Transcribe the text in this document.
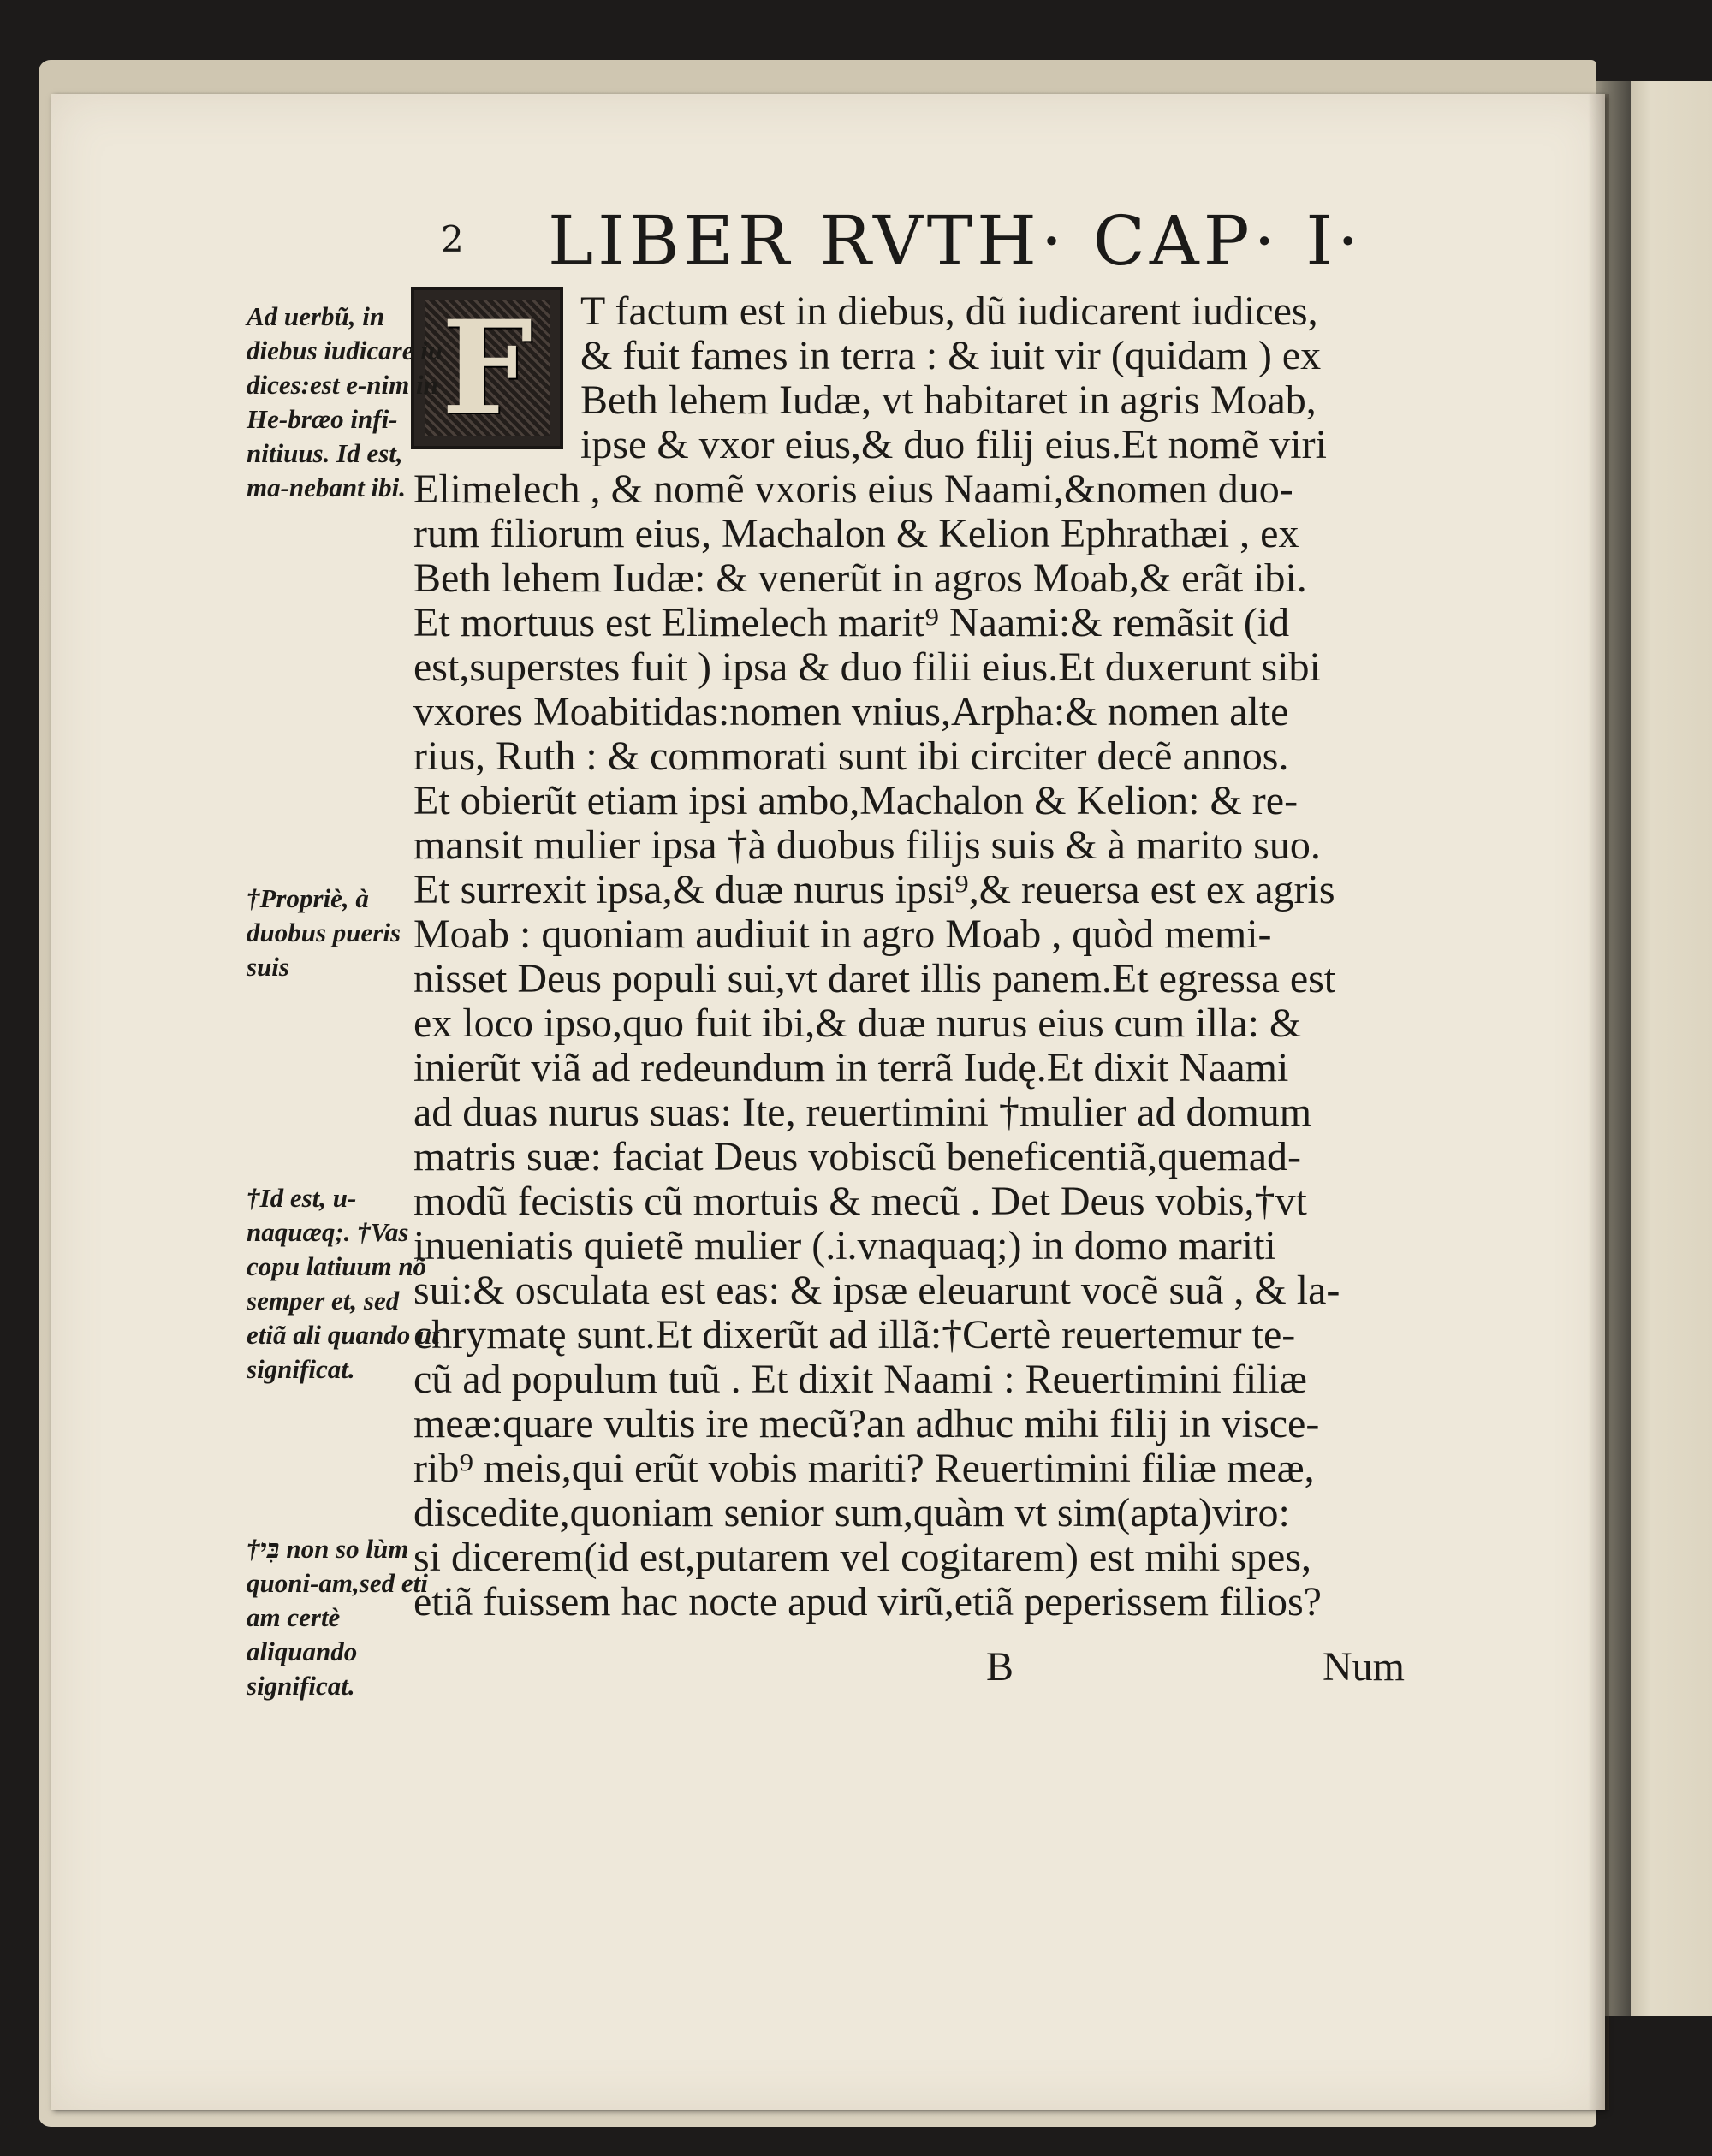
2 LIBER RVTH· CAP· I·
F T factum est in diebus, dũ iudicarent iudices,
& fuit fames in terra : & iuit vir (quidam ) ex
Beth lehem Iudæ, vt habitaret in agris Moab,
ipse & vxor eius,& duo filij eius.Et nomẽ viri
Elimelech , & nomẽ vxoris eius Naami,&nomen duo-
rum filiorum eius, Machalon & Kelion Ephrathæi , ex
Beth lehem Iudæ: & venerũt in agros Moab,& erãt ibi.
Et mortuus est Elimelech marit⁹ Naami:& remãsit (id
est,superstes fuit ) ipsa & duo filii eius.Et duxerunt sibi
vxores Moabitidas:nomen vnius,Arpha:& nomen alte
rius, Ruth : & commorati sunt ibi circiter decẽ annos.
Et obierũt etiam ipsi ambo,Machalon & Kelion: & re-
mansit mulier ipsa †à duobus filijs suis & à marito suo.
Et surrexit ipsa,& duæ nurus ipsi⁹,& reuersa est ex agris
Moab : quoniam audiuit in agro Moab , quòd memi-
nisset Deus populi sui,vt daret illis panem.Et egressa est
ex loco ipso,quo fuit ibi,& duæ nurus eius cum illa: &
inierũt viã ad redeundum in terrã Iudę.Et dixit Naami
ad duas nurus suas: Ite, reuertimini †mulier ad domum
matris suæ: faciat Deus vobiscũ beneficentiã,quemad-
modũ fecistis cũ mortuis & mecũ . Det Deus vobis,†vt
inueniatis quietẽ mulier (.i.vnaquaq;) in domo mariti
sui:& osculata est eas: & ipsæ eleuarunt vocẽ suã , & la-
chrymatę sunt.Et dixerũt ad illã:†Certè reuertemur te-
cũ ad populum tuũ . Et dixit Naami : Reuertimini filiæ
meæ:quare vultis ire mecũ?an adhuc mihi filij in visce-
rib⁹ meis,qui erũt vobis mariti? Reuertimini filiæ meæ,
discedite,quoniam senior sum,quàm vt sim(apta)viro:
si dicerem(id est,putarem vel cogitarem) est mihi spes,
etiã fuissem hac nocte apud virũ,etiã peperissem filios?
Ad uerbũ, in diebus iudicare iu dices:est e-nim in He-bræo infi-nitiuus. Id est, ma-nebant ibi.
†Propriè, à duobus pueris suis
†Id est, u-naquæq;. †Vas copu latiuum nõ semper et, sed etiã ali quando ut significat.
†בִּי non so lùm quoni-am,sed eti am certè aliquando significat.	B	Num
